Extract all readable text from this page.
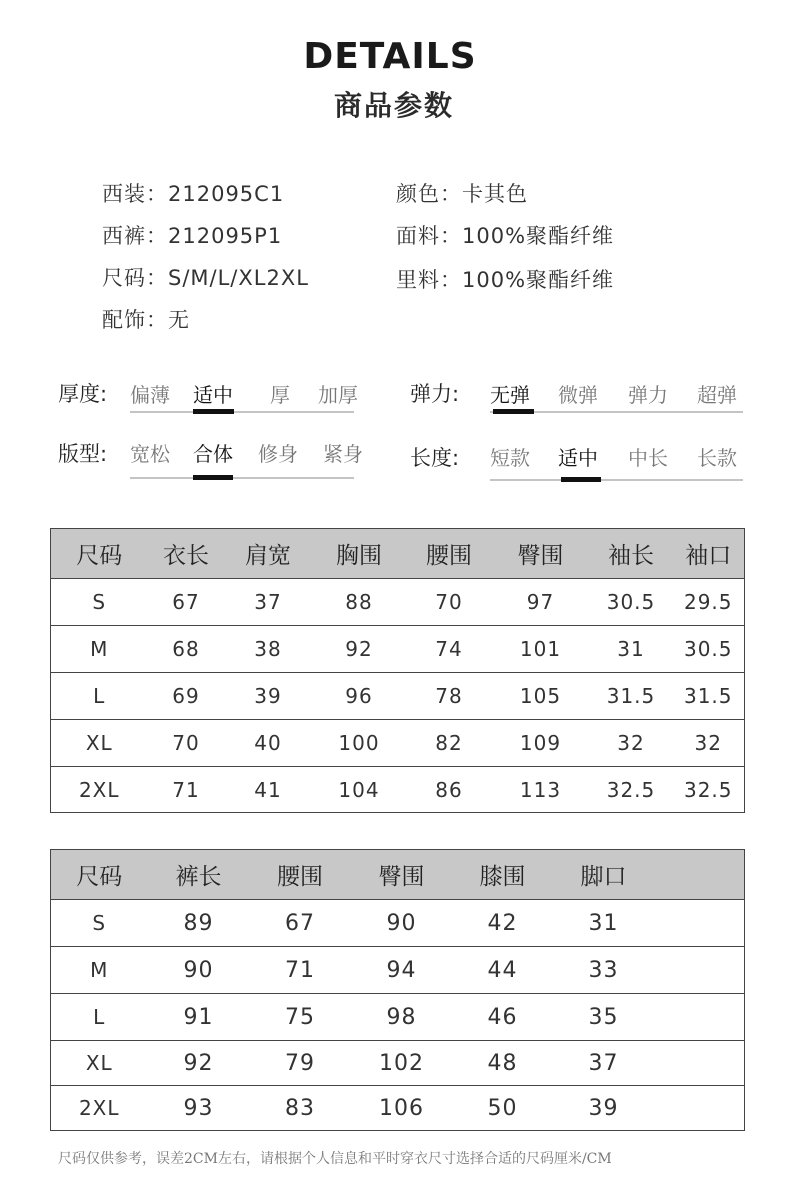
DETAILS
商品参数
西装：212095C1
西裤：212095P1
尺码：S/M/L/XL2XL
配饰：无
颜色：卡其色
面料：100%聚酯纤维
里料：100%聚酯纤维
厚度: 偏薄 适中 厚 加厚
版型: 宽松 合体 修身 紧身
弹力: 无弹 微弹 弹力 超弹
长度: 短款 适中 中长 长款
尺码	衣长	肩宽	胸围	腰围	臀围	袖长	袖口
S	67	37	88	70	97	30.5	29.5
M	68	38	92	74	101	31	30.5
L	69	39	96	78	105	31.5	31.5
XL	70	40	100	82	109	32	32
2XL	71	41	104	86	113	32.5	32.5
尺码	裤长	腰围	臀围	膝围	脚口	
S	89	67	90	42	31	
M	90	71	94	44	33	
L	91	75	98	46	35	
XL	92	79	102	48	37	
2XL	93	83	106	50	39	
尺码仅供参考，误差2CM左右，请根据个人信息和平时穿衣尺寸选择合适的尺码厘米/CM
